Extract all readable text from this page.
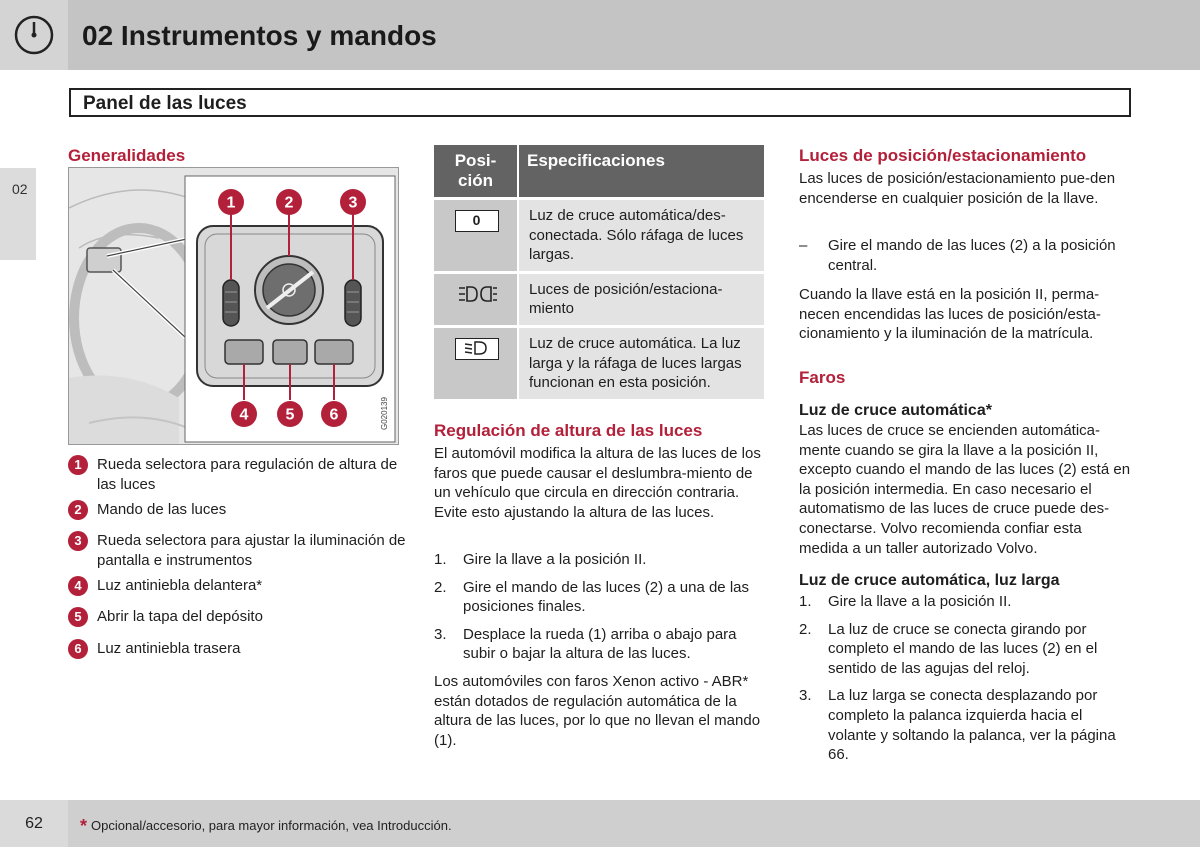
02 Instrumentos y mandos
Panel de las luces
02
Generalidades
1	2	3
4 5 6	G020139
1	Rueda selectora para regulación de altura de las luces
2	Mando de las luces
3	Rueda selectora para ajustar la iluminación de pantalla e instrumentos
4	Luz antiniebla delantera*
5	Abrir la tapa del depósito
6	Luz antiniebla trasera
Posi-
ción	Especificaciones
0	Luz de cruce automática/des-conectada. Sólo ráfaga de luces largas.
	Luces de posición/estaciona-miento
	Luz de cruce automática. La luz larga y la ráfaga de luces largas funcionan en esta posición.
Regulación de altura de las luces
El automóvil modifica la altura de las luces de los faros que puede causar el deslumbra-miento de un vehículo que circula en dirección contraria. Evite esto ajustando la altura de las luces.
1. Gire la llave a la posición II.
2. Gire el mando de las luces (2) a una de las posiciones finales.
3. Desplace la rueda (1) arriba o abajo para subir o bajar la altura de las luces.
Los automóviles con faros Xenon activo - ABR* están dotados de regulación automática de la altura de las luces, por lo que no llevan el mando (1).
Luces de posición/estacionamiento
Las luces de posición/estacionamiento pue-den encenderse en cualquier posición de la llave.
–	Gire el mando de las luces (2) a la posición central.
Cuando la llave está en la posición II, perma-necen encendidas las luces de posición/esta-cionamiento y la iluminación de la matrícula.
Faros
Luz de cruce automática*
Las luces de cruce se encienden automática-mente cuando se gira la llave a la posición II, excepto cuando el mando de las luces (2) está en la posición intermedia. En caso necesario el automatismo de las luces de cruce puede des-conectarse. Volvo recomienda confiar esta medida a un taller autorizado Volvo.
Luz de cruce automática, luz larga
1. Gire la llave a la posición II.
2. La luz de cruce se conecta girando por completo el mando de las luces (2) en el sentido de las agujas del reloj.
3. La luz larga se conecta desplazando por completo la palanca izquierda hacia el volante y soltando la palanca, ver la página 66.
62	* Opcional/accesorio, para mayor información, vea Introducción.
